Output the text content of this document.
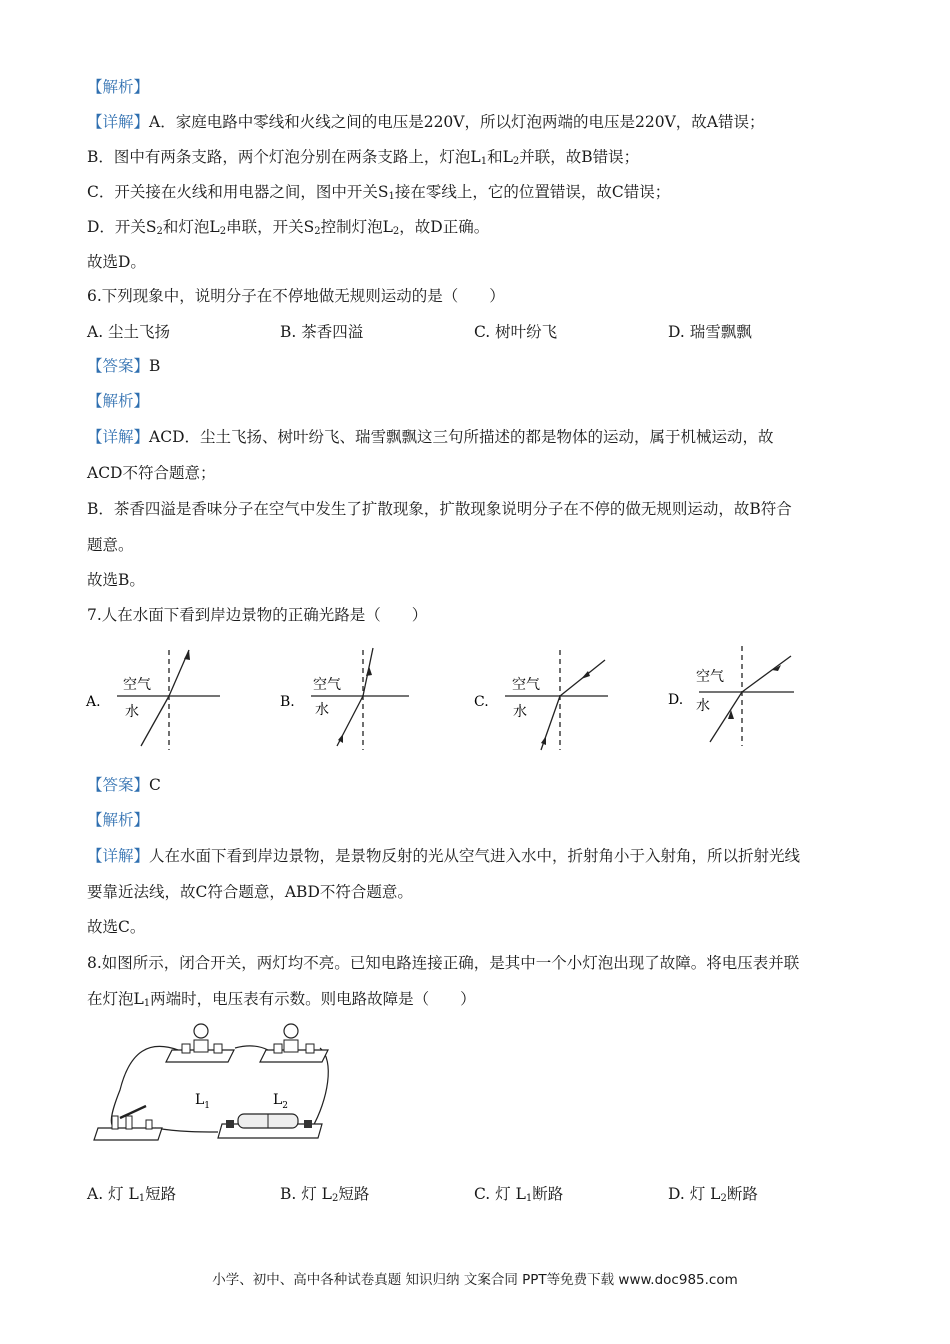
【解析】
【详解】A．家庭电路中零线和火线之间的电压是220V，所以灯泡两端的电压是220V，故A错误；
B．图中有两条支路，两个灯泡分别在两条支路上，灯泡$L_1$和$L_2$并联，故B错误；
C．开关接在火线和用电器之间，图中开关$S_1$接在零线上，它的位置错误，故C错误；
D．开关$S_2$和灯泡$L_2$串联，开关$S_2$控制灯泡$L_2$，故D正确。
故选D。
6.下列现象中，说明分子在不停地做无规则运动的是（　　）
A. 尘土飞扬	B. 茶香四溢	C. 树叶纷飞	D. 瑞雪飘飘
【答案】B
【解析】
【详解】ACD．尘土飞扬、树叶纷飞、瑞雪飘飘这三句所描述的都是物体的运动，属于机械运动，故
ACD不符合题意；
B．茶香四溢是香味分子在空气中发生了扩散现象，扩散现象说明分子在不停的做无规则运动，故B符合
题意。
故选B。
7.人在水面下看到岸边景物的正确光路是（　　）
A.
空气
水
B.
空气
水	C.
空气
水
D.
空气
水
【答案】C
【解析】
【详解】人在水面下看到岸边景物，是景物反射的光从空气进入水中，折射角小于入射角，所以折射光线
要靠近法线，故C符合题意，ABD不符合题意。
故选C。
8.如图所示，闭合开关，两灯均不亮。已知电路连接正确，是其中一个小灯泡出现了故障。将电压表并联
在灯泡$L_1$两端时，电压表有示数。则电路故障是（　　）
$L_1$	$L_2$
A. 灯 $L_1$短路	B. 灯 $L_2$短路	C. 灯 $L_1$断路	D. 灯 $L_2$断路
小学、初中、高中各种试卷真题 知识归纳 文案合同 PPT等免费下载 www.doc985.com
